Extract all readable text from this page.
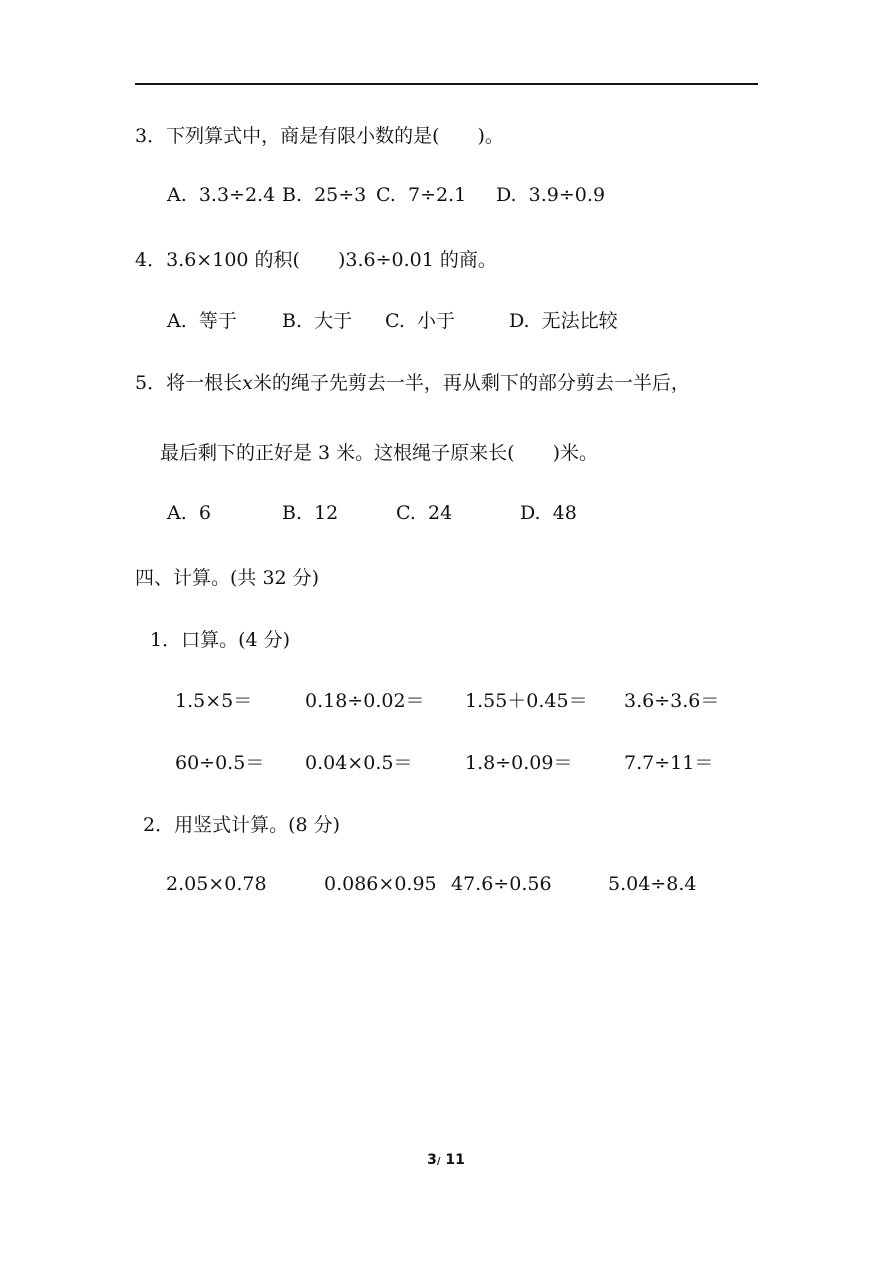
3．下列算式中，商是有限小数的是(　　)。
A.  3.3÷2.4 B.  25÷3 C.  7÷2.1 D.  3.9÷0.9
4．3.6×100 的积(　　)3.6÷0.01 的商。
A.  等于 B.  大于 C.  小于	D.  无法比较
5．将一根长x米的绳子先剪去一半，再从剩下的部分剪去一半后，
最后剩下的正好是 3 米。这根绳子原来长(　　)米。
A.  6	B.  12	C.  24	D.  48
四、计算。(共 32 分)
1．口算。(4 分)
1.5×5＝	0.18÷0.02＝ 1.55＋0.45＝ 3.6÷3.6＝
60÷0.5＝ 0.04×0.5＝	1.8÷0.09＝	7.7÷11＝
2．用竖式计算。(8 分)
2.05×0.78	0.086×0.95 47.6÷0.56	5.04÷8.4
3/ 11
